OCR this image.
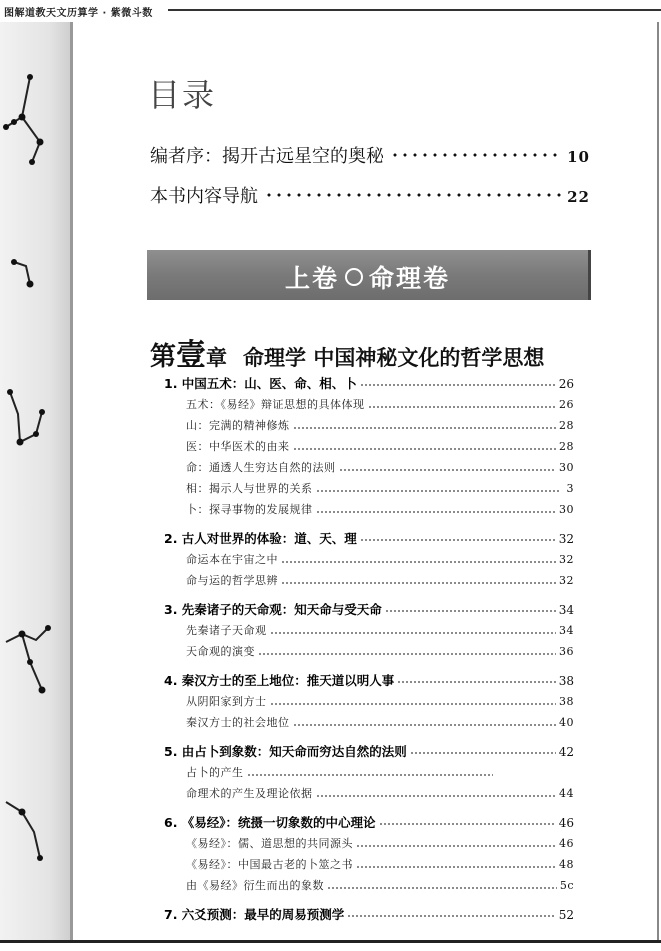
图解道教天文历算学 · 紫微斗数
目录
编者序：揭开古远星空的奥秘	10
本书内容导航	22
上卷 ○ 命理卷
第壹章 命理学 中国神秘文化的哲学思想
1. 中国五术：山、医、命、相、卜	26
五术：《易经》辩证思想的具体体现	26
山：完满的精神修炼	28
医：中华医术的由来	28
命：通透人生穷达自然的法则	30
相：揭示人与世界的关系	3
卜：探寻事物的发展规律	30
2. 古人对世界的体验：道、天、理	32
命运本在宇宙之中	32
命与运的哲学思辨	32
3. 先秦诸子的天命观：知天命与受天命	34
先秦诸子天命观	34
天命观的演变	36
4. 秦汉方士的至上地位：推天道以明人事	38
从阴阳家到方士	38
秦汉方士的社会地位	40
5. 由占卜到象数：知天命而穷达自然的法则	42
占卜的产生
命理术的产生及理论依据	44
6. 《易经》：统摄一切象数的中心理论	46
《易经》：儒、道思想的共同源头	46
《易经》：中国最古老的卜筮之书	48
由《易经》衍生而出的象数	5c
7. 六爻预测：最早的周易预测学	52
